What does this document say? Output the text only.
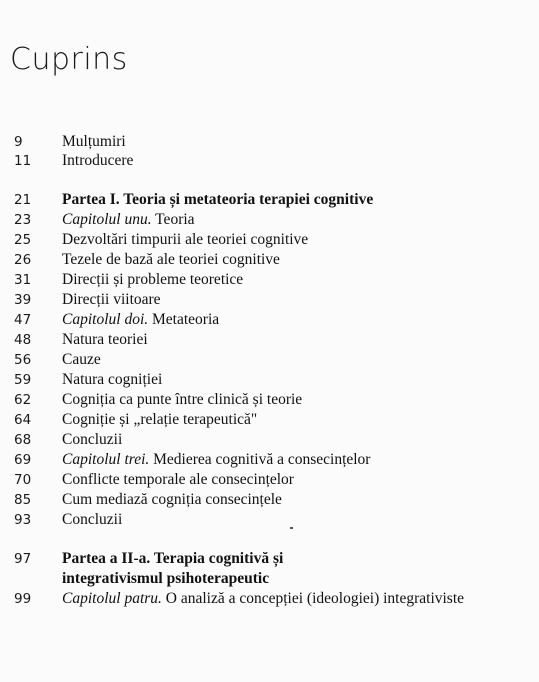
Cuprins
9	Mulțumiri
11	Introducere
21	Partea I. Teoria și metateoria terapiei cognitive
23	Capitolul unu. Teoria
25	Dezvoltări timpurii ale teoriei cognitive
26	Tezele de bază ale teoriei cognitive
31	Direcții și probleme teoretice
39	Direcții viitoare
47	Capitolul doi. Metateoria
48	Natura teoriei
56	Cauze
59	Natura cogniției
62	Cogniția ca punte între clinică și teorie
64	Cogniție și „relație terapeutică"
68	Concluzii
69	Capitolul trei. Medierea cognitivă a consecințelor
70	Conflicte temporale ale consecințelor
85	Cum mediază cogniția consecințele
93	Concluzii
97	Partea a II-a. Terapia cognitivă și
integrativismul psihoterapeutic
99	Capitolul patru. O analiză a concepției (ideologiei) integrativiste
